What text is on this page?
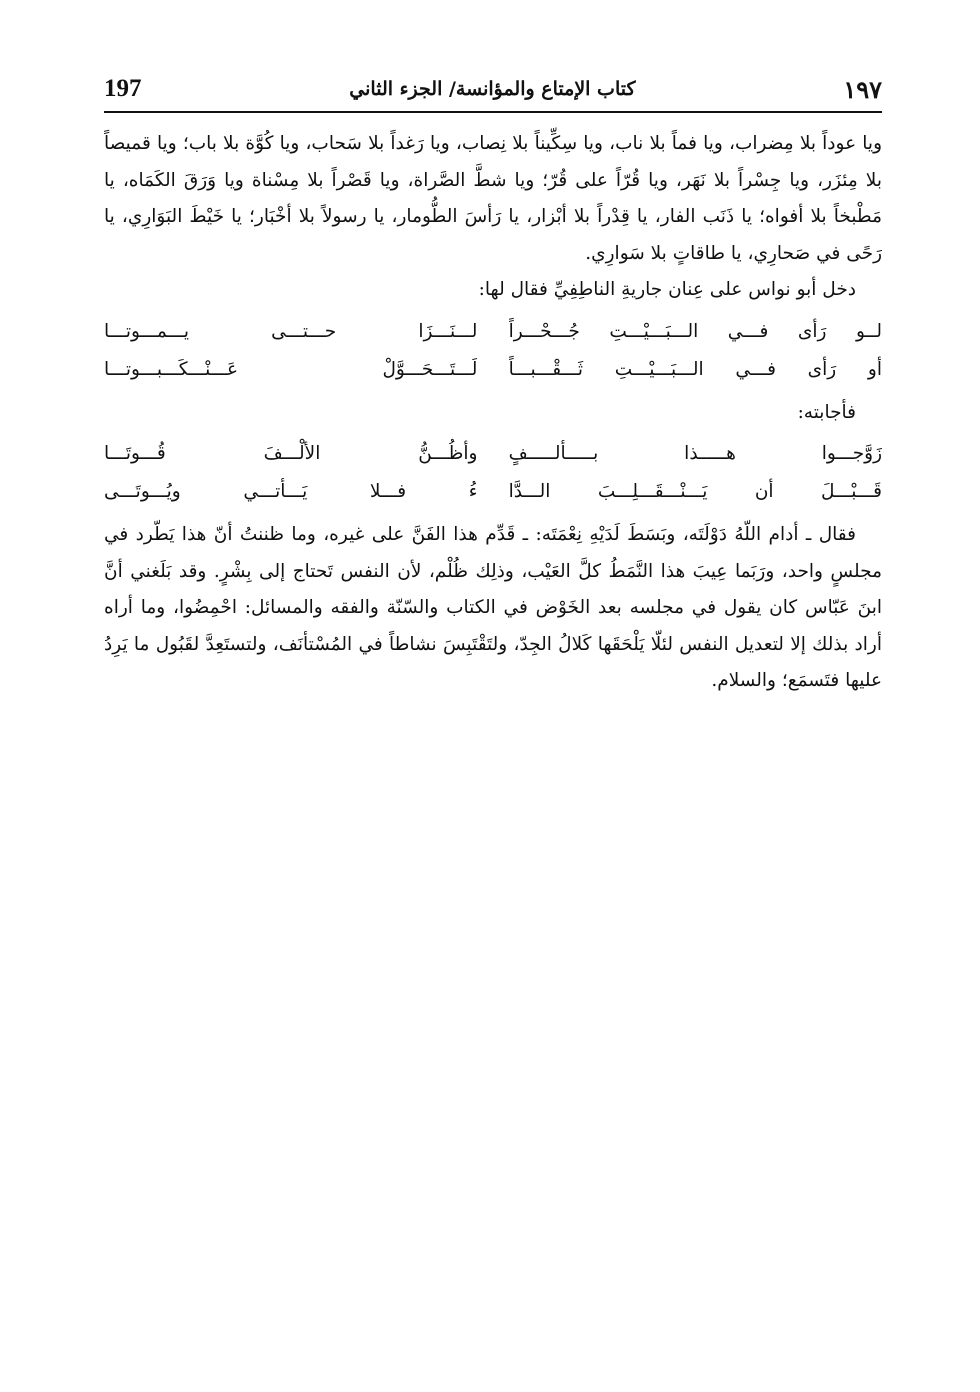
197	كتاب الإمتاع والمؤانسة/ الجزء الثاني	١٩٧

ويا عوداً بلا مِضراب، ويا فماً بلا ناب، ويا سِكِّيناً بلا نِصاب، ويا رَغداً بلا سَحاب، ويا كُوَّة بلا باب؛ ويا قميصاً بلا مِئزَر، ويا جِسْراً بلا نَهَر، ويا قُرّاً على قُرّ؛ ويا شطَّ الصَّراة، ويا قَصْراً بلا مِسْناة ويا وَرَقَ الكَمَاه، يا مَطْبخاً بلا أفواه؛ يا ذَنَب الفار، يا قِدْراً بلا أبْزار، يا رَأسَ الطُّومار، يا رسولاً بلا أخْبَار؛ يا خَيْطَ البَوَارِي، يا رَحًى في صَحارِي، يا طاقاتٍ بلا سَوارِي.

دخل أبو نواس على عِنان جاريةِ الناطِفِيِّ فقال لها:

لــو رَأى فـــي الـــبَـــيْـــتِ جُـــحْـــراً
لـــنَـــزَا حـــتـــى يـــمـــوتـــا
أو رَأى فـــي الـــبَـــيْـــتِ ثَـــقْـــبـــاً
لَـــتَـــحَـــوَّلْ عَـــنْـــكَـــبـــوتـــا

فأجابته:

زَوَّجـــوا هـــــذا بـــــألـــــفٍ
وأظُـــنُّ الألْـــفَ قُـــوتَـــا
قَـــبْـــلَ أن يَـــنْـــقَـــلِـــبَ الـــدَّا
ءُ فـــلا يَـــأتـــي ويُـــوتَـــى

فقال ـ أدام اللّهُ دَوْلَتَه، وبَسَطَ لَدَيْهِ نِعْمَتَه: ـ قَدِّم هذا الفَنَّ على غيره، وما ظننتُ أنّ هذا يَطّرد في مجلسٍ واحد، ورَبَما عِيبَ هذا النَّمَطُ كلَّ العَيْب، وذلِك ظُلْم، لأن النفس تَحتاج إلى بِشْرٍ. وقد بَلَغني أنَّ ابنَ عَبّاس كان يقول في مجلسه بعد الخَوْض في الكتاب والسّنّة والفقه والمسائل: احْمِضُوا، وما أراه أراد بذلك إلا لتعديل النفس لئلّا يَلْحَقَها كَلالُ الجِدّ، ولتَقْتَبِسَ نشاطاً في المُسْتأنَف، ولتستَعِدَّ لقَبُول ما يَرِدُ عليها فتَسمَع؛ والسلام.
